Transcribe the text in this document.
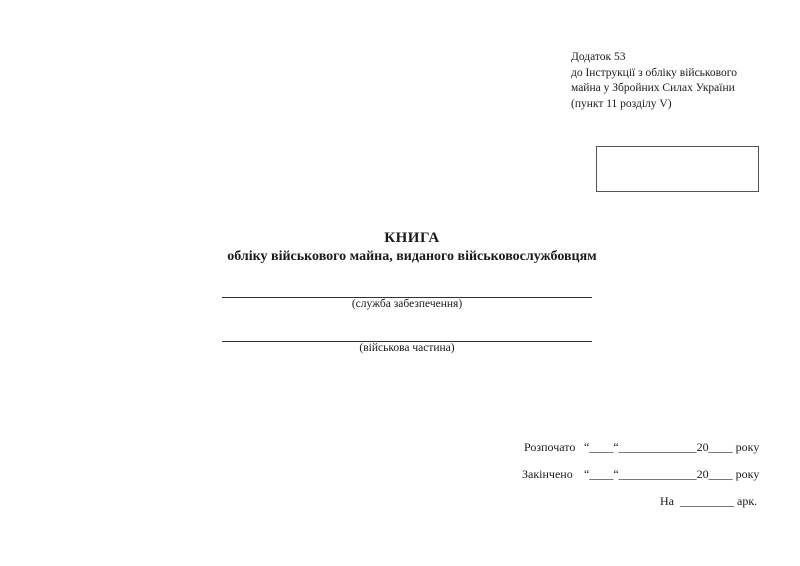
Додаток 53
до Інструкції з обліку військового
майна у Збройних Силах України
(пункт 11 розділу V)
КНИГА
обліку військового майна, виданого військовослужбовцям
(служба забезпечення)
(військова частина)
Розпочато “____“_____________20____ року
Закінчено “____“_____________20____ року
На _________ арк.
